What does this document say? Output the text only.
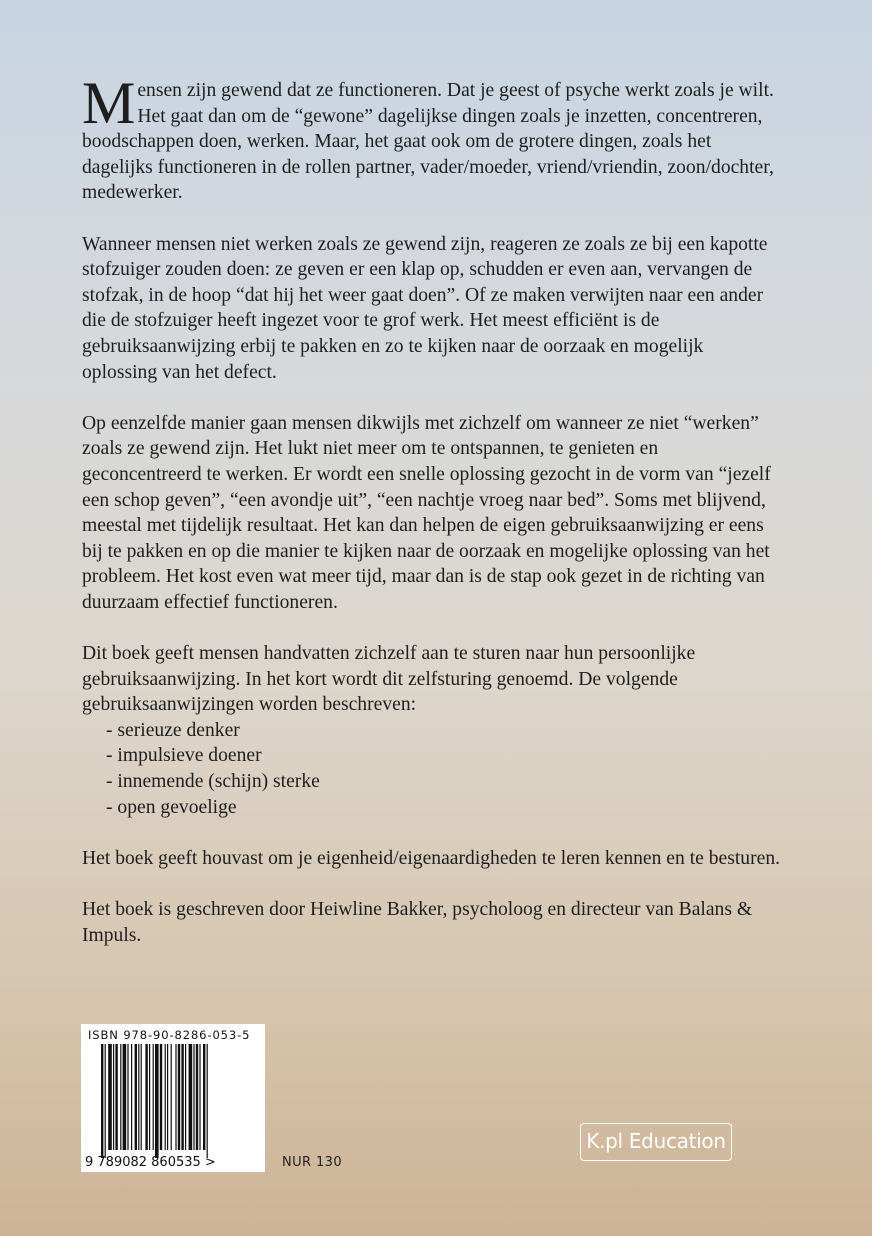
Mensen zijn gewend dat ze functioneren. Dat je geest of psyche werkt zoals je wilt. Het gaat dan om de “gewone” dagelijkse dingen zoals je inzetten, concentreren, boodschappen doen, werken. Maar, het gaat ook om de grotere dingen, zoals het dagelijks functioneren in de rollen partner, vader/moeder, vriend/vriendin, zoon/dochter, medewerker.

Wanneer mensen niet werken zoals ze gewend zijn, reageren ze zoals ze bij een kapotte stofzuiger zouden doen: ze geven er een klap op, schudden er even aan, vervangen de stofzak, in de hoop “dat hij het weer gaat doen”. Of ze maken verwijten naar een ander die de stofzuiger heeft ingezet voor te grof werk. Het meest efficiënt is de gebruiksaanwijzing erbij te pakken en zo te kijken naar de oorzaak en mogelijk oplossing van het defect.

Op eenzelfde manier gaan mensen dikwijls met zichzelf om wanneer ze niet “werken” zoals ze gewend zijn. Het lukt niet meer om te ontspannen, te genieten en geconcentreerd te werken. Er wordt een snelle oplossing gezocht in de vorm van “jezelf een schop geven”, “een avondje uit”, “een nachtje vroeg naar bed”. Soms met blijvend, meestal met tijdelijk resultaat. Het kan dan helpen de eigen gebruiksaanwijzing er eens bij te pakken en op die manier te kijken naar de oorzaak en mogelijke oplossing van het probleem. Het kost even wat meer tijd, maar dan is de stap ook gezet in de richting van duurzaam effectief functioneren.

Dit boek geeft mensen handvatten zichzelf aan te sturen naar hun persoonlijke gebruiksaanwijzing. In het kort wordt dit zelfsturing genoemd. De volgende gebruiksaanwijzingen worden beschreven:

- serieuze denker
- impulsieve doener
- innemende (schijn) sterke
- open gevoelige

Het boek geeft houvast om je eigenheid/eigenaardigheden te leren kennen en te besturen.

Het boek is geschreven door Heiwline Bakker, psycholoog en directeur van Balans & Impuls.

ISBN 978-90-8286-053-5
9 789082 860535 >	NUR 130
K.pl Education
